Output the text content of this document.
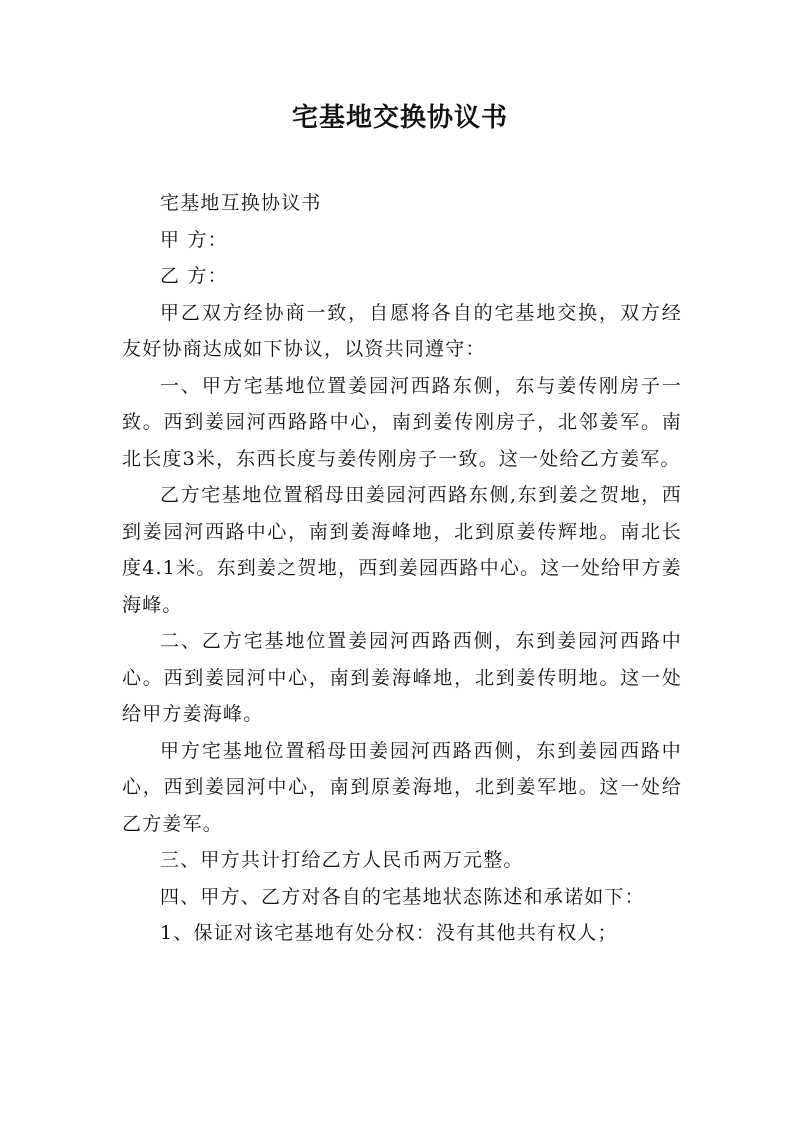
宅基地交换协议书

宅基地互换协议书

甲 方：

乙 方：

甲乙双方经协商一致，自愿将各自的宅基地交换，双方经友好协商达成如下协议，以资共同遵守：

一、甲方宅基地位置姜园河西路东侧，东与姜传刚房子一致。西到姜园河西路路中心，南到姜传刚房子，北邻姜军。南北长度3米，东西长度与姜传刚房子一致。这一处给乙方姜军。

乙方宅基地位置稻母田姜园河西路东侧,东到姜之贺地，西到姜园河西路中心，南到姜海峰地，北到原姜传辉地。南北长度4.1米。东到姜之贺地，西到姜园西路中心。这一处给甲方姜海峰。

二、乙方宅基地位置姜园河西路西侧，东到姜园河西路中心。西到姜园河中心，南到姜海峰地，北到姜传明地。这一处给甲方姜海峰。

甲方宅基地位置稻母田姜园河西路西侧，东到姜园西路中心，西到姜园河中心，南到原姜海地，北到姜军地。这一处给乙方姜军。

三、甲方共计打给乙方人民币两万元整。

四、甲方、乙方对各自的宅基地状态陈述和承诺如下：

1、保证对该宅基地有处分权：没有其他共有权人；
